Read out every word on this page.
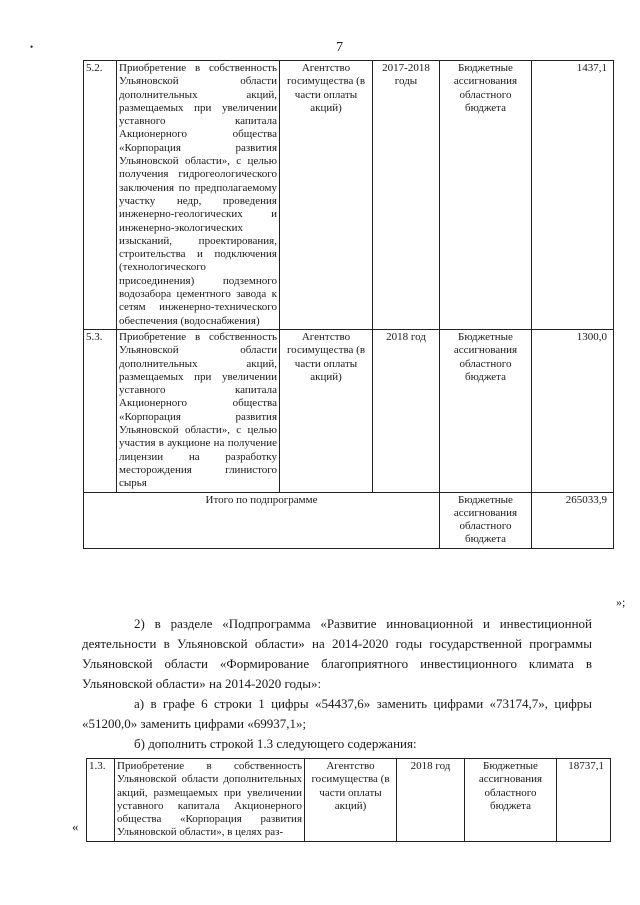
•	7
5.2.	Приобретение в собственность Ульяновской области дополнительных акций, размещаемых при увеличении уставного капитала Акционерного общества «Корпорация развития Ульяновской области», с целью получения гидрогеологического заключения по предполагаемому участку недр, проведения инженерно-геологических и инженерно-экологических изысканий, проектирования, строительства и подключения (технологического присоединения) подземного водозабора цементного завода к сетям инженерно-технического обеспечения (водоснабжения)	Агентство госимущества (в части оплаты акций)	2017-2018 годы	Бюджетные ассигнования областного бюджета	1437,1
5.3.	Приобретение в собственность Ульяновской области дополнительных акций, размещаемых при увеличении уставного капитала Акционерного общества «Корпорация развития Ульяновской области», с целью участия в аукционе на получение лицензии на разработку месторождения глинистого сырья	Агентство госимущества (в части оплаты акций)	2018 год	Бюджетные ассигнования областного бюджета	1300,0
Итого по подпрограмме				Бюджетные ассигнования областного бюджета	265033,9
»;
2) в разделе «Подпрограмма «Развитие инновационной и инвестиционной деятельности в Ульяновской области» на 2014-2020 годы государственной программы Ульяновской области «Формирование благоприятного инвестиционного климата в Ульяновской области» на 2014-2020 годы»:
а) в графе 6 строки 1 цифры «54437,6» заменить цифрами «73174,7», цифры «51200,0» заменить цифрами «69937,1»;
б) дополнить строкой 1.3 следующего содержания:
«
1.3.	Приобретение в собственность Ульяновской области дополнительных акций, размещаемых при увеличении уставного капитала Акционерного общества «Корпорация развития Ульяновской области», в целях раз-	Агентство госимущества (в части оплаты акций)	2018 год	Бюджетные ассигнования областного бюджета	18737,1
